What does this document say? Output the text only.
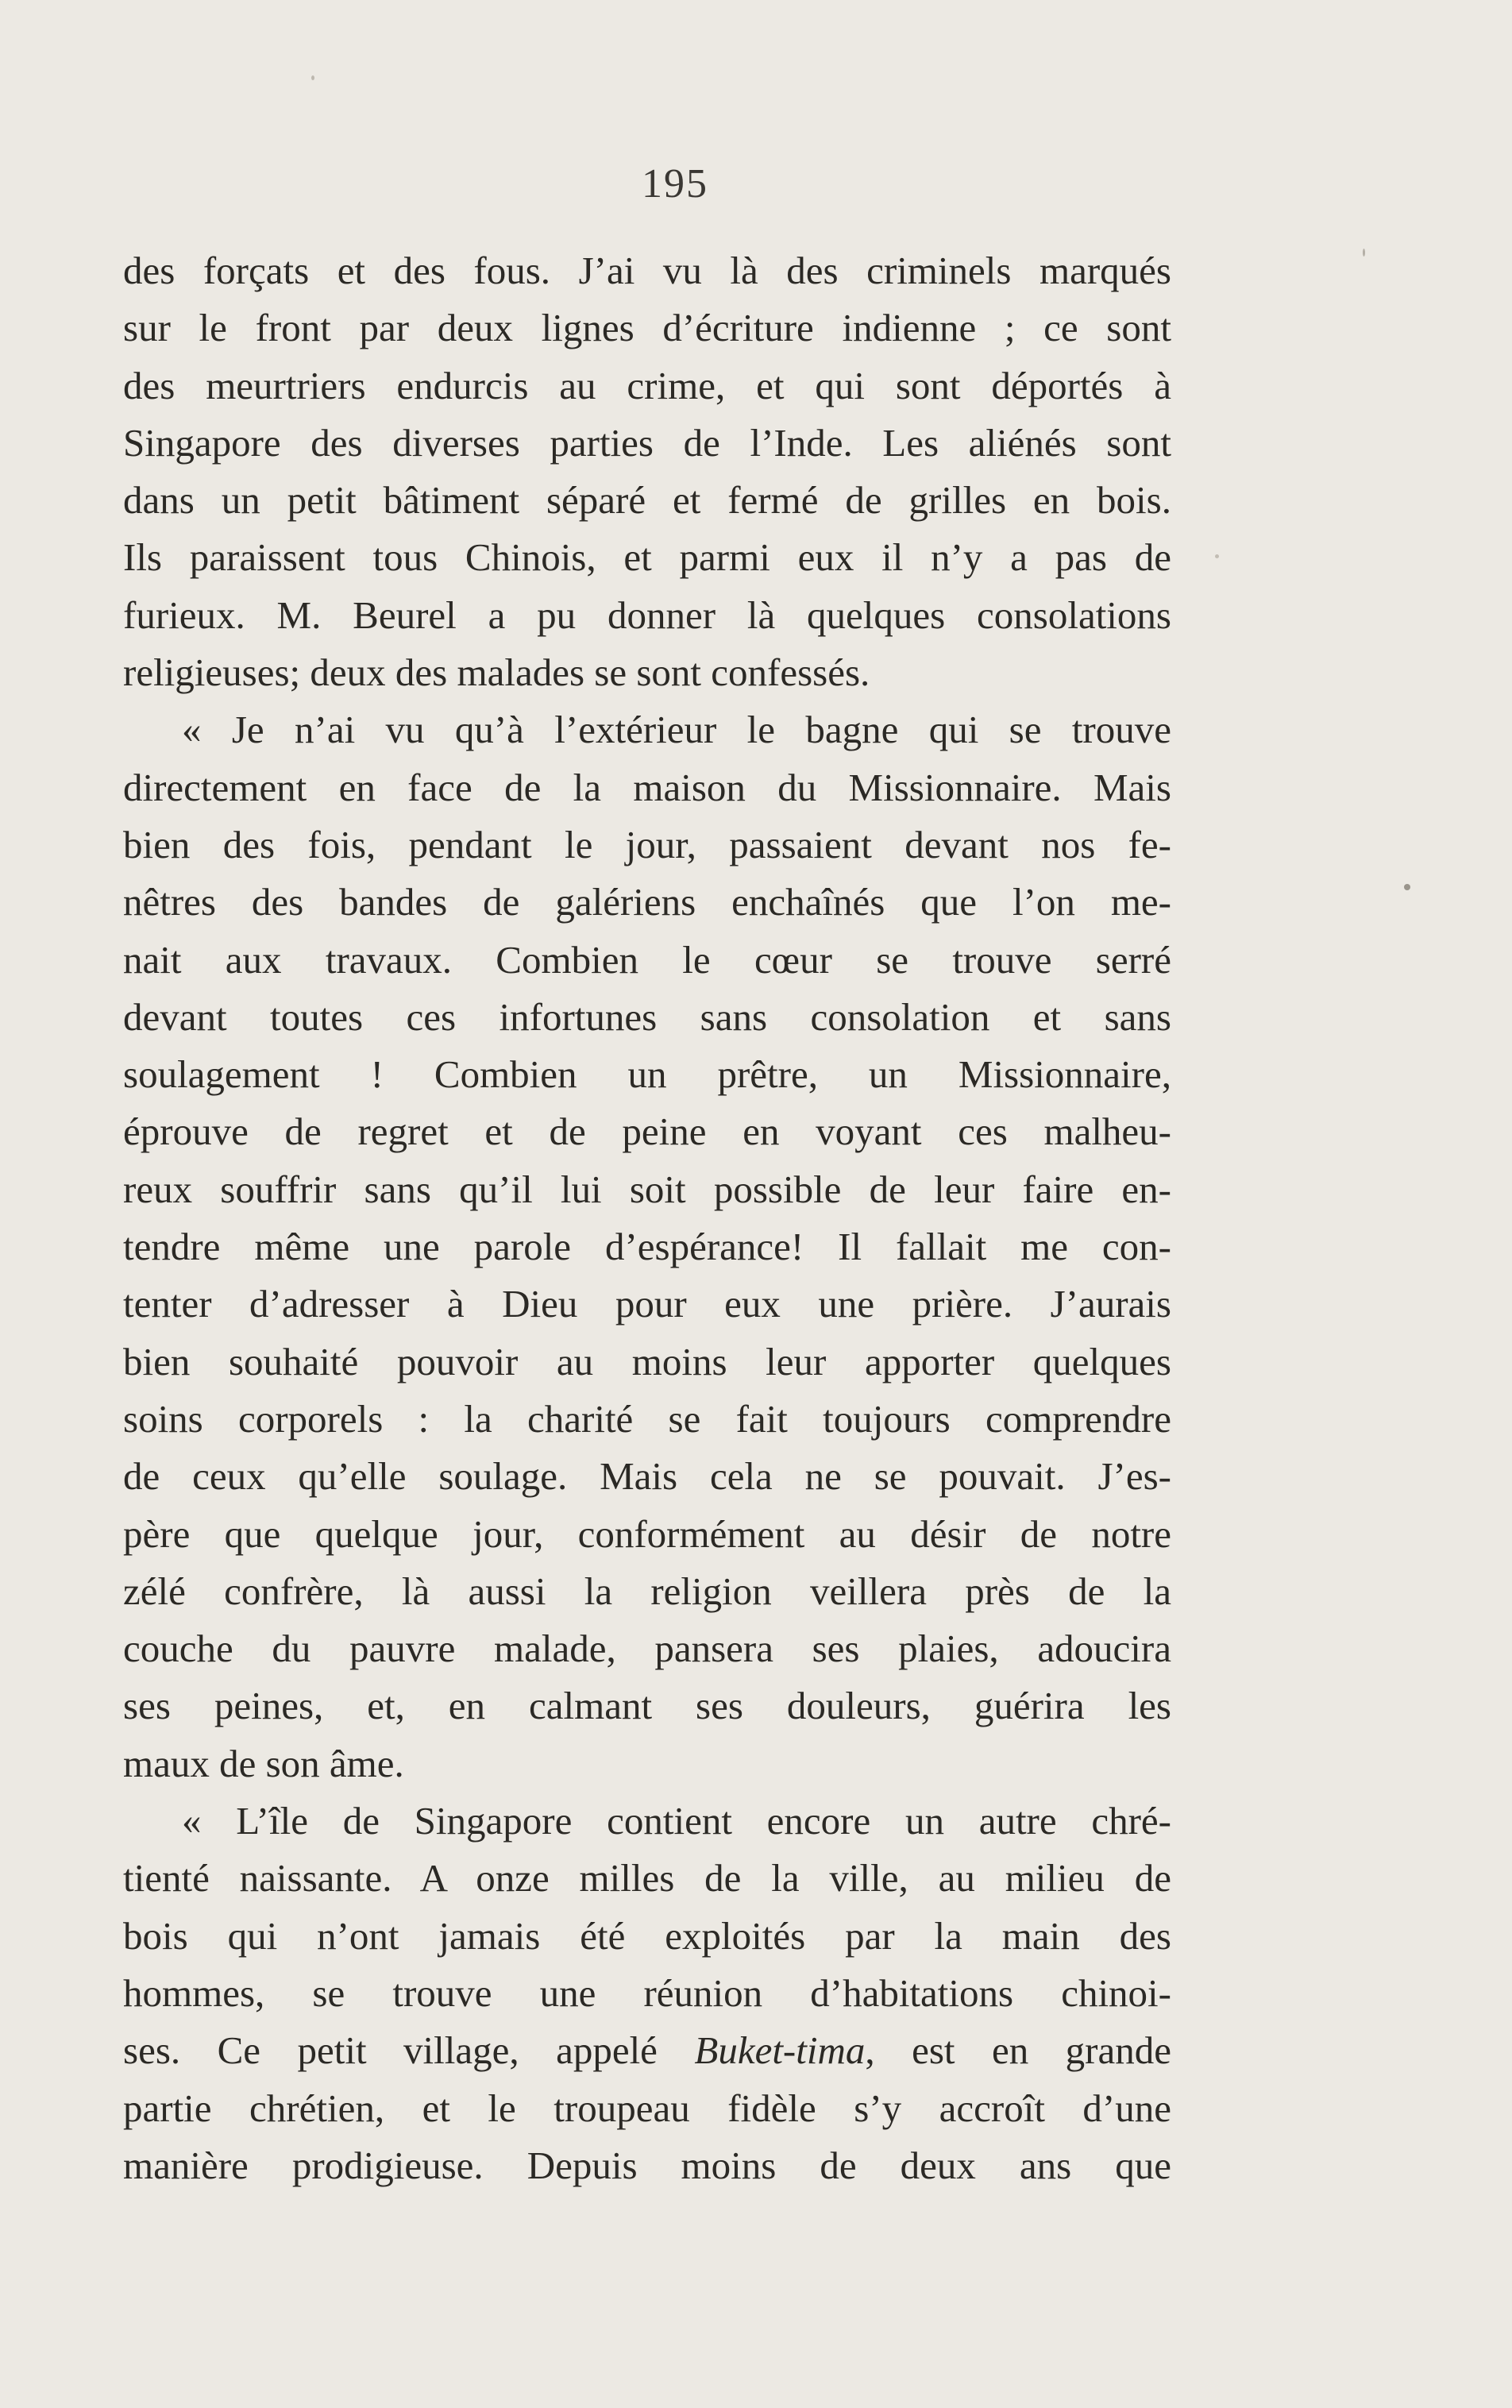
195
des forçats et des fous. J’ai vu là des criminels marqués
sur le front par deux lignes d’écriture indienne ; ce sont
des meurtriers endurcis au crime, et qui sont déportés à
Singapore des diverses parties de l’Inde. Les aliénés sont
dans un petit bâtiment séparé et fermé de grilles en bois.
Ils paraissent tous Chinois, et parmi eux il n’y a pas de
furieux. M. Beurel a pu donner là quelques consolations
religieuses; deux des malades se sont confessés.
« Je n’ai vu qu’à l’extérieur le bagne qui se trouve
directement en face de la maison du Missionnaire. Mais
bien des fois, pendant le jour, passaient devant nos fe-
nêtres des bandes de galériens enchaînés que l’on me-
nait aux travaux. Combien le cœur se trouve serré
devant toutes ces infortunes sans consolation et sans
soulagement ! Combien un prêtre, un Missionnaire,
éprouve de regret et de peine en voyant ces malheu-
reux souffrir sans qu’il lui soit possible de leur faire en-
tendre même une parole d’espérance! Il fallait me con-
tenter d’adresser à Dieu pour eux une prière. J’aurais
bien souhaité pouvoir au moins leur apporter quelques
soins corporels : la charité se fait toujours comprendre
de ceux qu’elle soulage. Mais cela ne se pouvait. J’es-
père que quelque jour, conformément au désir de notre
zélé confrère, là aussi la religion veillera près de la
couche du pauvre malade, pansera ses plaies, adoucira
ses peines, et, en calmant ses douleurs, guérira les
maux de son âme.
« L’île de Singapore contient encore un autre chré-
tienté naissante. A onze milles de la ville, au milieu de
bois qui n’ont jamais été exploités par la main des
hommes, se trouve une réunion d’habitations chinoi-
ses. Ce petit village, appelé Buket-tima, est en grande
partie chrétien, et le troupeau fidèle s’y accroît d’une
manière prodigieuse. Depuis moins de deux ans que
